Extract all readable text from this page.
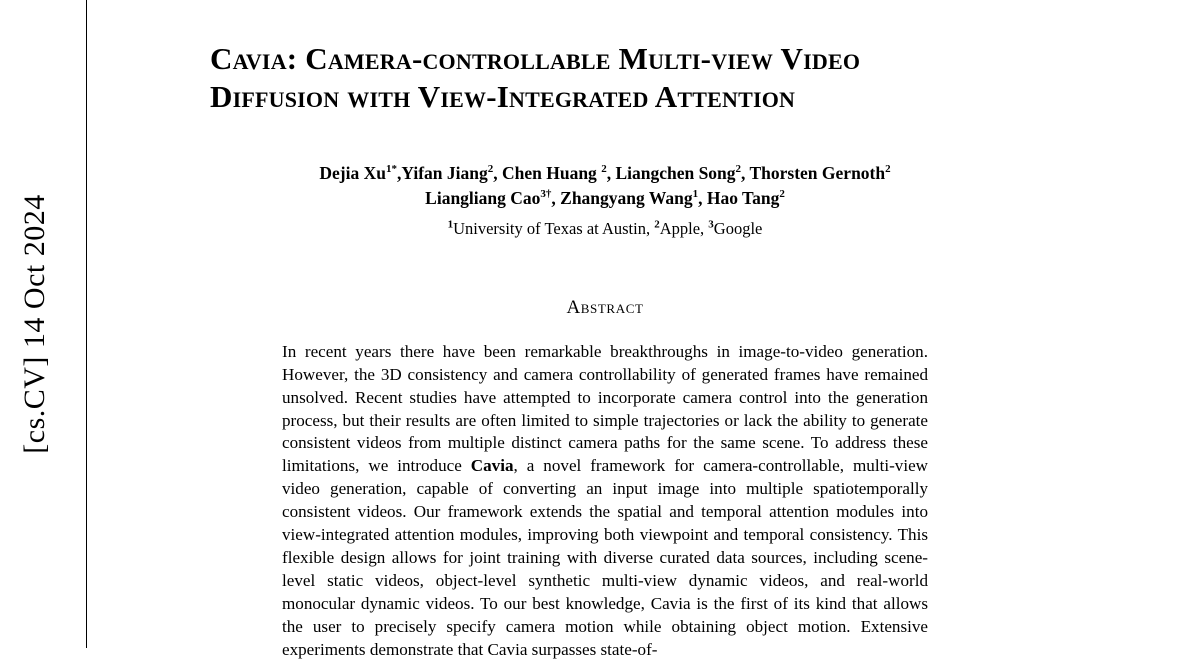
[cs.CV] 14 Oct 2024
Cavia: Camera-controllable Multi-view Video
Diffusion with View-Integrated Attention
Dejia $Xu^{1*},Yifan$ Jiang$^2$, Chen Huang $^2$, Liangchen Song$^2$, Thorsten Gernoth$^2$
Liangliang Cao$^{3\dagger}$, Zhangyang Wang$^1$, Hao Tang$^2$
$^1$University of Texas at Austin, $^2$Apple, $^3$Google
Abstract
In recent years there have been remarkable breakthroughs in image-to-video generation. However, the 3D consistency and camera controllability of generated frames have remained unsolved. Recent studies have attempted to incorporate camera control into the generation process, but their results are often limited to simple trajectories or lack the ability to generate consistent videos from multiple distinct camera paths for the same scene. To address these limitations, we introduce Cavia, a novel framework for camera-controllable, multi-view video generation, capable of converting an input image into multiple spatiotemporally consistent videos. Our framework extends the spatial and temporal attention modules into view-integrated attention modules, improving both viewpoint and temporal consistency. This flexible design allows for joint training with diverse curated data sources, including scene-level static videos, object-level synthetic multi-view dynamic videos, and real-world monocular dynamic videos. To our best knowledge, Cavia is the first of its kind that allows the user to precisely specify camera motion while obtaining object motion. Extensive experiments demonstrate that Cavia surpasses state-of-
